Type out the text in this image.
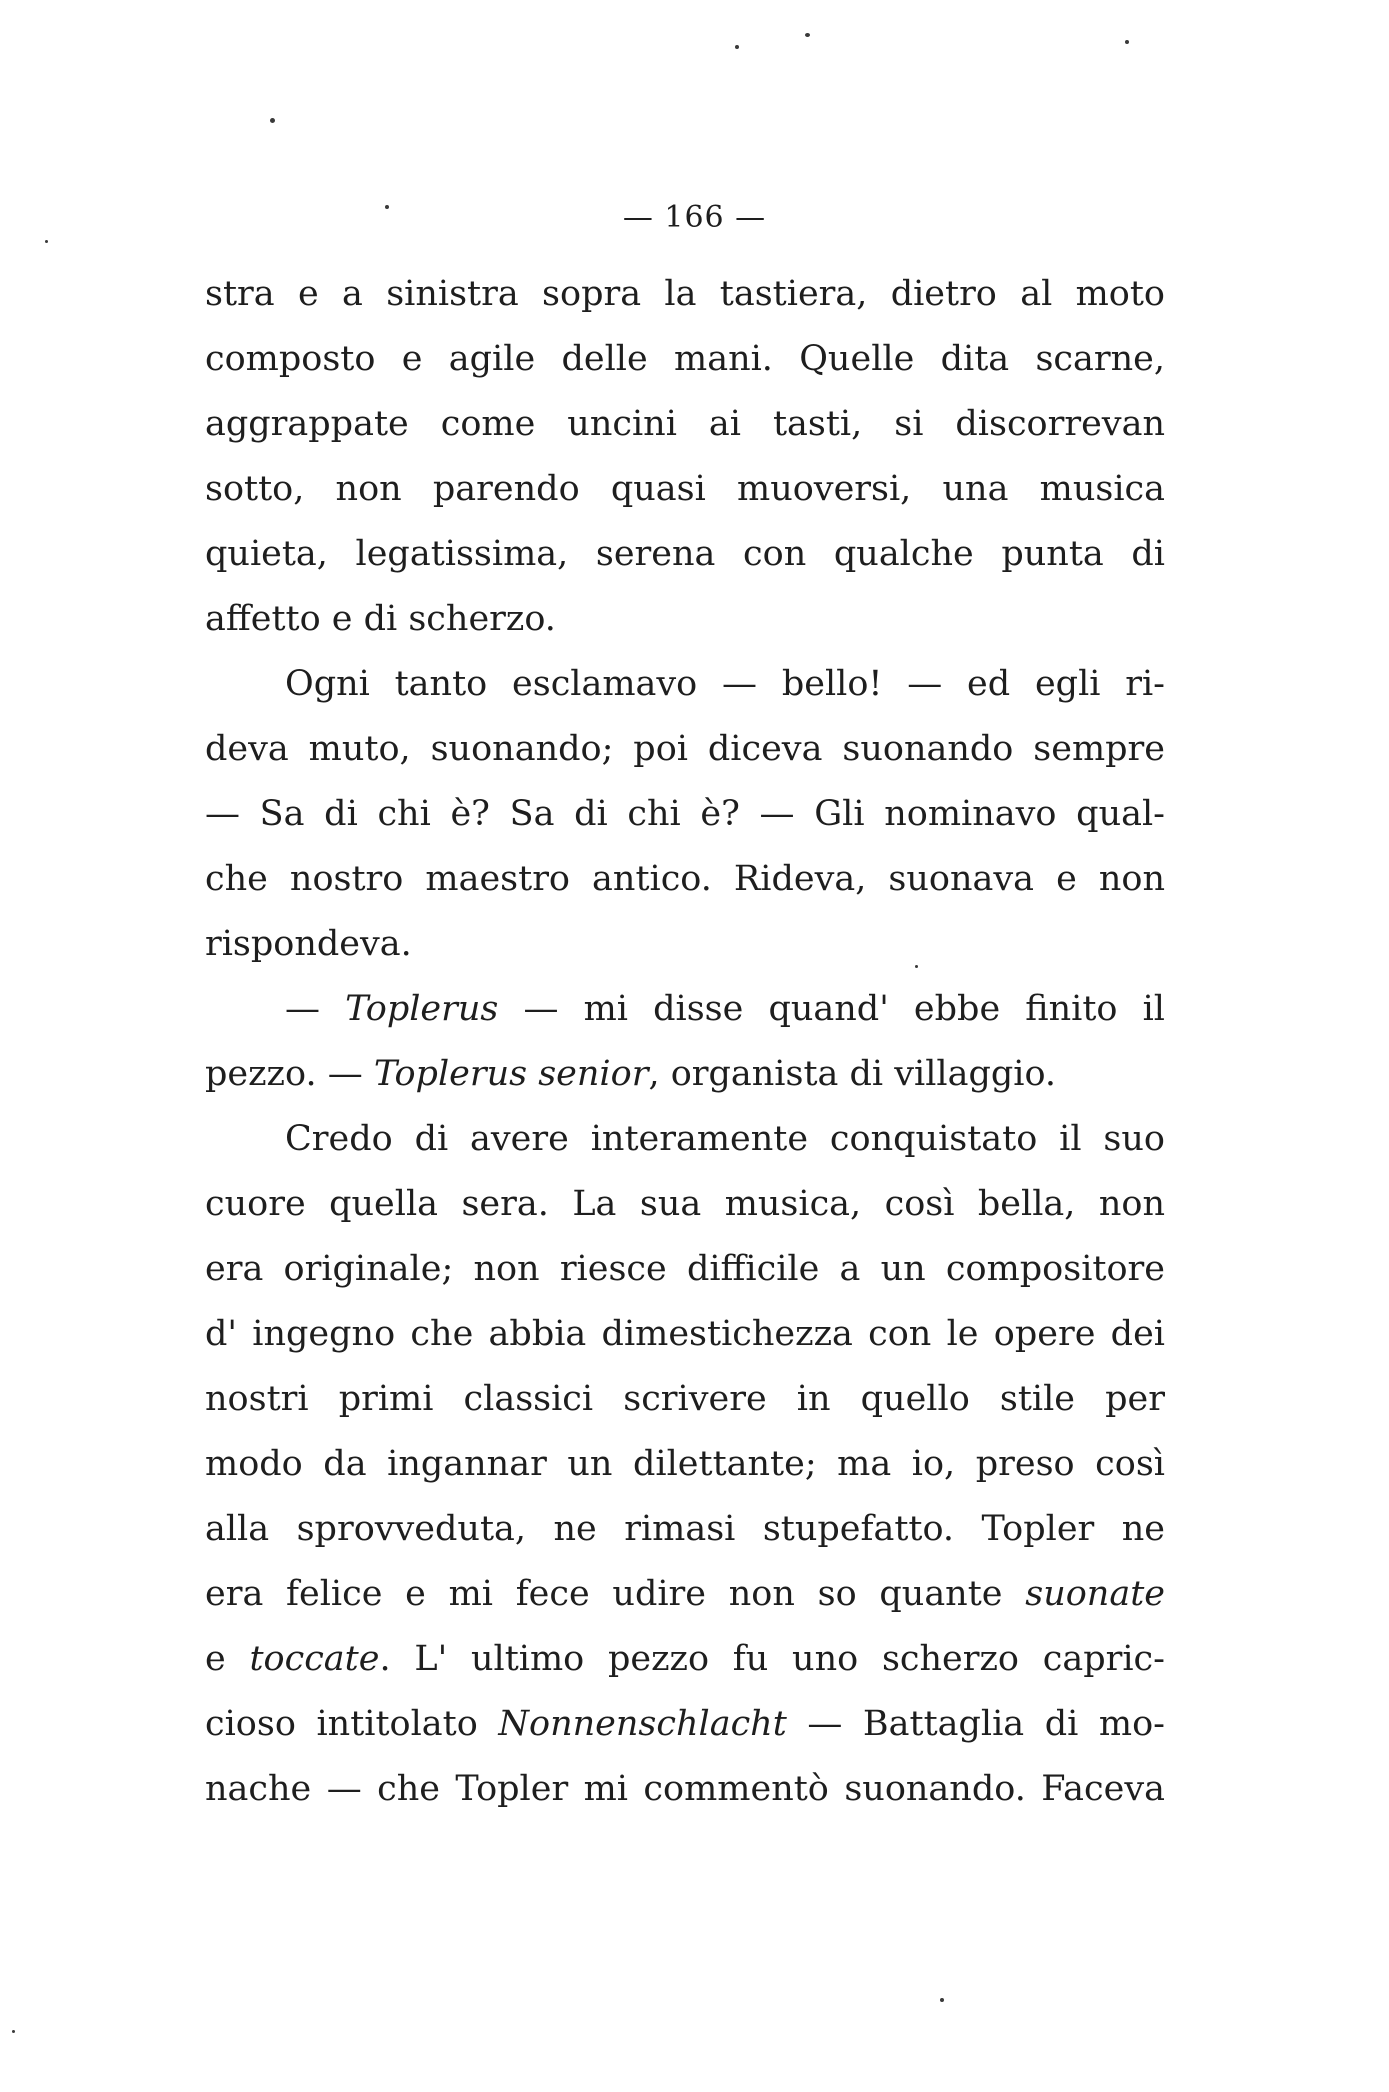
— 166 —
stra e a sinistra sopra la tastiera, dietro al moto
composto e agile delle mani. Quelle dita scarne,
aggrappate come uncini ai tasti, si discorrevan
sotto, non parendo quasi muoversi, una musica
quieta, legatissima, serena con qualche punta di
affetto e di scherzo.
Ogni tanto esclamavo — bello! — ed egli ri-
deva muto, suonando; poi diceva suonando sempre
— Sa di chi è? Sa di chi è? — Gli nominavo qual-
che nostro maestro antico. Rideva, suonava e non
rispondeva.
— Toplerus — mi disse quand' ebbe finito il
pezzo. — Toplerus senior, organista di villaggio.
Credo di avere interamente conquistato il suo
cuore quella sera. La sua musica, così bella, non
era originale; non riesce difficile a un compositore
d' ingegno che abbia dimestichezza con le opere dei
nostri primi classici scrivere in quello stile per
modo da ingannar un dilettante; ma io, preso così
alla sprovveduta, ne rimasi stupefatto. Topler ne
era felice e mi fece udire non so quante suonate
e toccate. L' ultimo pezzo fu uno scherzo capric-
cioso intitolato Nonnenschlacht — Battaglia di mo-
nache — che Topler mi commentò suonando. Faceva
